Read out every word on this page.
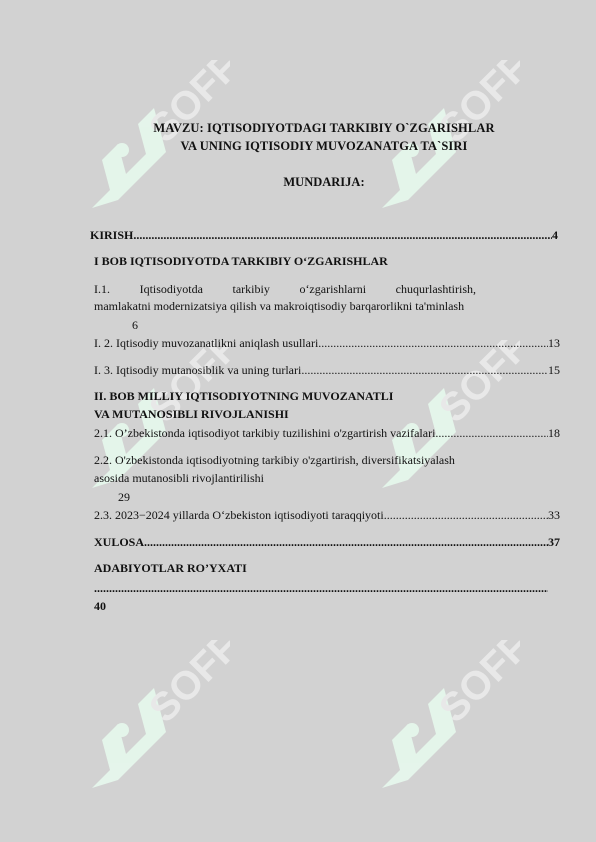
SOFF	SOFF
SOFF	SOFF
SOFF	SOFF
MAVZU: IQTISODIYOTDAGI TARKIBIY O`ZGARISHLAR
VA UNING IQTISODIY MUVOZANATGA TA`SIRI
MUNDARIJA:
KIRISH .....	4
I BOB IQTISODIYOTDA TARKIBIY O‘ZGARISHLAR
I.1. Iqtisodiyotda tarkibiy o‘zgarishlarni chuqurlashtirish,
mamlakatni modernizatsiya qilish va makroiqtisodiy barqarorlikni ta'minlash
6
I. 2. Iqtisodiy muvozanatlikni aniqlash usullari .....	13
I. 3. Iqtisodiy mutanosiblik va uning turlari .....	15
II. BOB MILLIY IQTISODIYOTNING MUVOZANATLI
VA MUTANOSIBLI RIVOJLANISHI
2.1. O’zbekistonda iqtisodiyot tarkibiy tuzilishini o'zgartirish vazifalari .....	18
2.2. O'zbekistonda iqtisodiyotning tarkibiy o'zgartirish, diversifikatsiyalash
asosida mutanosibli rivojlantirilishi
29
2.3. 2023−2024 yillarda O‘zbekiston iqtisodiyoti taraqqiyoti .....	33
XULOSA .....	37
ADABIYOTLAR RO’YXATI
.....
40
